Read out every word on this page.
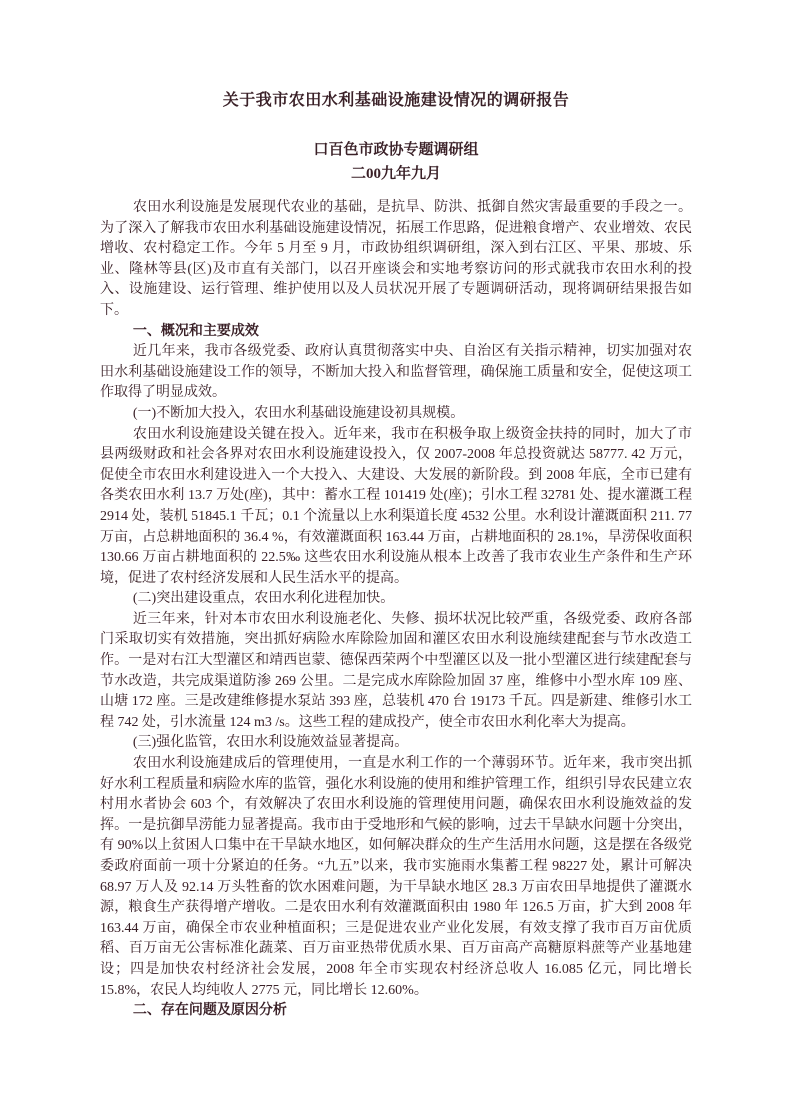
关于我市农田水利基础设施建设情况的调研报告
口百色市政协专题调研组
二00九年九月

农田水利设施是发展现代农业的基础，是抗旱、防洪、抵御自然灾害最重要的手段之一。为了深入了解我市农田水利基础设施建设情况，拓展工作思路，促进粮食增产、农业增效、农民增收、农村稳定工作。今年 5 月至 9 月，市政协组织调研组，深入到右江区、平果、那坡、乐业、隆林等县(区)及市直有关部门，以召开座谈会和实地考察访问的形式就我市农田水利的投入、设施建设、运行管理、维护使用以及人员状况开展了专题调研活动，现将调研结果报告如下。

一、概况和主要成效

近几年来，我市各级党委、政府认真贯彻落实中央、自治区有关指示精神，切实加强对农田水利基础设施建设工作的领导，不断加大投入和监督管理，确保施工质量和安全，促使这项工作取得了明显成效。

(一)不断加大投入，农田水利基础设施建设初具规模。

农田水利设施建设关键在投入。近年来，我市在积极争取上级资金扶持的同时，加大了市县两级财政和社会各界对农田水利设施建设投入，仅 2007-2008 年总投资就达 58777. 42 万元，促使全市农田水利建设进入一个大投入、大建设、大发展的新阶段。到 2008 年底，全市已建有各类农田水利 13.7 万处(座)，其中：蓄水工程 101419 处(座)；引水工程 32781 处、提水灌溉工程 2914 处，装机 51845.1 千瓦；0.1 个流量以上水利渠道长度 4532 公里。水利设计灌溉面积 211. 77 万亩，占总耕地面积的 36.4 %，有效灌溉面积 163.44 万亩，占耕地面积的 28.1%，旱涝保收面积 130.66 万亩占耕地面积的 22.5‰ 这些农田水利设施从根本上改善了我市农业生产条件和生产环境，促进了农村经济发展和人民生活水平的提高。

(二)突出建设重点，农田水利化进程加快。

近三年来，针对本市农田水利设施老化、失修、损坏状况比较严重，各级党委、政府各部门采取切实有效措施，突出抓好病险水库除险加固和灌区农田水利设施续建配套与节水改造工作。一是对右江大型灌区和靖西岜蒙、德保西荣两个中型灌区以及一批小型灌区进行续建配套与节水改造，共完成渠道防渗 269 公里。二是完成水库除险加固 37 座，维修中小型水库 109 座、山塘 172 座。三是改建维修提水泵站 393 座，总装机 470 台 19173 千瓦。四是新建、维修引水工程 742 处，引水流量 124 m3 /s。这些工程的建成投产，使全市农田水利化率大为提高。

(三)强化监管，农田水利设施效益显著提高。

农田水利设施建成后的管理使用，一直是水利工作的一个薄弱环节。近年来，我市突出抓好水利工程质量和病险水库的监管，强化水利设施的使用和维护管理工作，组织引导农民建立农村用水者协会 603 个，有效解决了农田水利设施的管理使用问题，确保农田水利设施效益的发挥。一是抗御旱涝能力显著提高。我市由于受地形和气候的影响，过去干旱缺水问题十分突出，有 90%以上贫困人口集中在干旱缺水地区，如何解决群众的生产生活用水问题，这是摆在各级党委政府面前一项十分紧迫的任务。“九五”以来，我市实施雨水集蓄工程 98227 处，累计可解决 68.97 万人及 92.14 万头牲畜的饮水困难问题，为干旱缺水地区 28.3 万亩农田旱地提供了灌溉水源，粮食生产获得增产增收。二是农田水利有效灌溉面积由 1980 年 126.5 万亩，扩大到 2008 年 163.44 万亩，确保全市农业种植面积；三是促进农业产业化发展，有效支撑了我市百万亩优质稻、百万亩无公害标准化蔬菜、百万亩亚热带优质水果、百万亩高产高糖原料蔗等产业基地建设；四是加快农村经济社会发展，2008 年全市实现农村经济总收人 16.085 亿元，同比增长 15.8%，农民人均纯收人 2775 元，同比增长 12.60%。

二、存在问题及原因分析
